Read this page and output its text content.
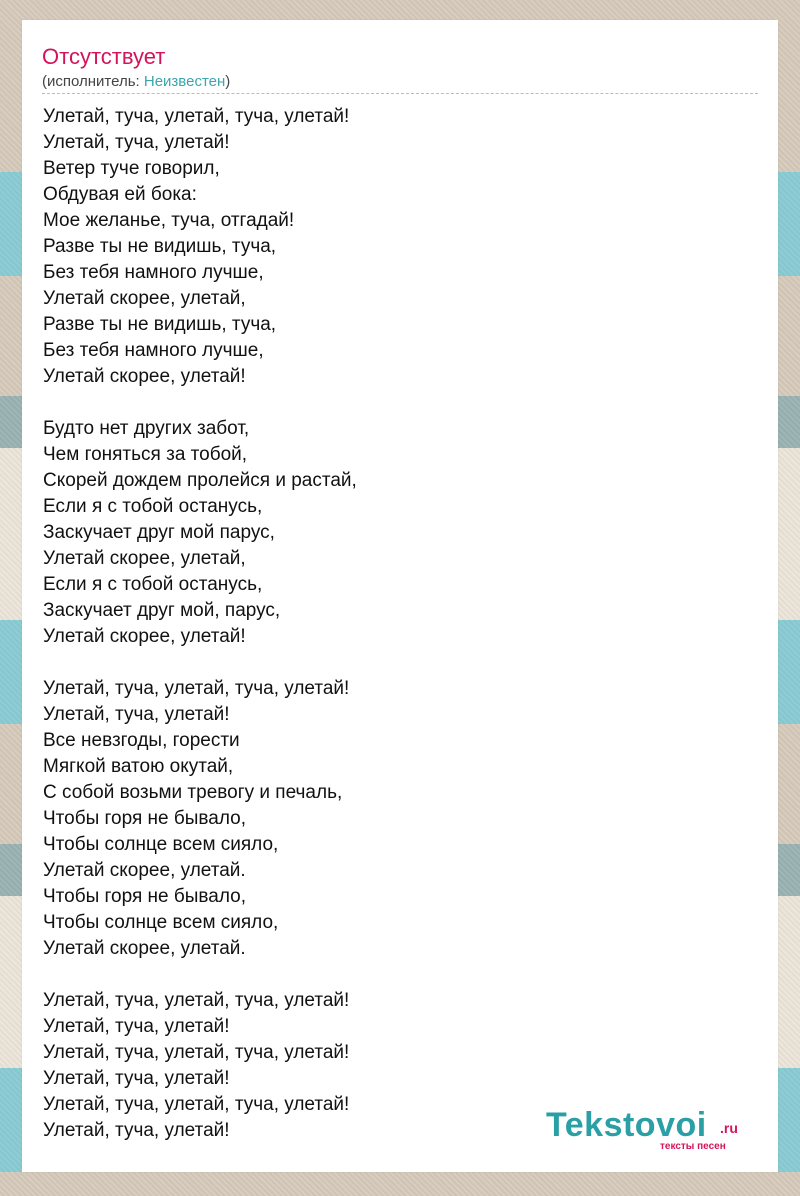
Отсутствует
(исполнитель: Неизвестен)
Улетай, туча, улетай, туча, улетай!
Улетай, туча, улетай!
Ветер туче говорил,
Обдувая ей бока:
Мое желанье, туча, отгадай!
Разве ты не видишь, туча,
Без тебя намного лучше,
Улетай скорее, улетай,
Разве ты не видишь, туча,
Без тебя намного лучше,
Улетай скорее, улетай!
Будто нет других забот,
Чем гоняться за тобой,
Скорей дождем пролейся и растай,
Если я с тобой останусь,
Заскучает друг мой парус,
Улетай скорее, улетай,
Если я с тобой останусь,
Заскучает друг мой, парус,
Улетай скорее, улетай!
Улетай, туча, улетай, туча, улетай!
Улетай, туча, улетай!
Все невзгоды, горести
Мягкой ватою окутай,
С собой возьми тревогу и печаль,
Чтобы горя не бывало,
Чтобы солнце всем сияло,
Улетай скорее, улетай.
Чтобы горя не бывало,
Чтобы солнце всем сияло,
Улетай скорее, улетай.
Улетай, туча, улетай, туча, улетай!
Улетай, туча, улетай!
Улетай, туча, улетай, туча, улетай!
Улетай, туча, улетай!
Улетай, туча, улетай, туча, улетай!
Улетай, туча, улетай!	Tekstovoi .ru
тексты песен
